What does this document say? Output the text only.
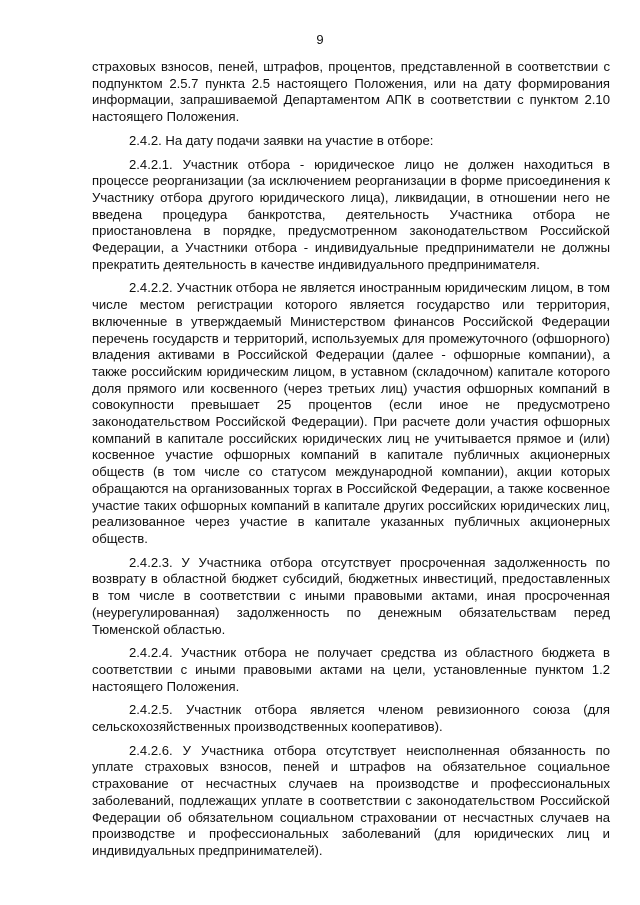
9

страховых взносов, пеней, штрафов, процентов, представленной в соответствии с подпунктом 2.5.7 пункта 2.5 настоящего Положения, или на дату формирования информации, запрашиваемой Департаментом АПК в соответствии с пунктом 2.10 настоящего Положения.

2.4.2. На дату подачи заявки на участие в отборе:

2.4.2.1. Участник отбора - юридическое лицо не должен находиться в процессе реорганизации (за исключением реорганизации в форме присоединения к Участнику отбора другого юридического лица), ликвидации, в отношении него не введена процедура банкротства, деятельность Участника отбора не приостановлена в порядке, предусмотренном законодательством Российской Федерации, а Участники отбора - индивидуальные предприниматели не должны прекратить деятельность в качестве индивидуального предпринимателя.

2.4.2.2. Участник отбора не является иностранным юридическим лицом, в том числе местом регистрации которого является государство или территория, включенные в утверждаемый Министерством финансов Российской Федерации перечень государств и территорий, используемых для промежуточного (офшорного) владения активами в Российской Федерации (далее - офшорные компании), а также российским юридическим лицом, в уставном (складочном) капитале которого доля прямого или косвенного (через третьих лиц) участия офшорных компаний в совокупности превышает 25 процентов (если иное не предусмотрено законодательством Российской Федерации). При расчете доли участия офшорных компаний в капитале российских юридических лиц не учитывается прямое и (или) косвенное участие офшорных компаний в капитале публичных акционерных обществ (в том числе со статусом международной компании), акции которых обращаются на организованных торгах в Российской Федерации, а также косвенное участие таких офшорных компаний в капитале других российских юридических лиц, реализованное через участие в капитале указанных публичных акционерных обществ.

2.4.2.3. У Участника отбора отсутствует просроченная задолженность по возврату в областной бюджет субсидий, бюджетных инвестиций, предоставленных в том числе в соответствии с иными правовыми актами, иная просроченная (неурегулированная) задолженность по денежным обязательствам перед Тюменской областью.

2.4.2.4. Участник отбора не получает средства из областного бюджета в соответствии с иными правовыми актами на цели, установленные пунктом 1.2 настоящего Положения.

2.4.2.5. Участник отбора является членом ревизионного союза (для сельскохозяйственных производственных кооперативов).

2.4.2.6. У Участника отбора отсутствует неисполненная обязанность по уплате страховых взносов, пеней и штрафов на обязательное социальное страхование от несчастных случаев на производстве и профессиональных заболеваний, подлежащих уплате в соответствии с законодательством Российской Федерации об обязательном социальном страховании от несчастных случаев на производстве и профессиональных заболеваний (для юридических лиц и индивидуальных предпринимателей).
